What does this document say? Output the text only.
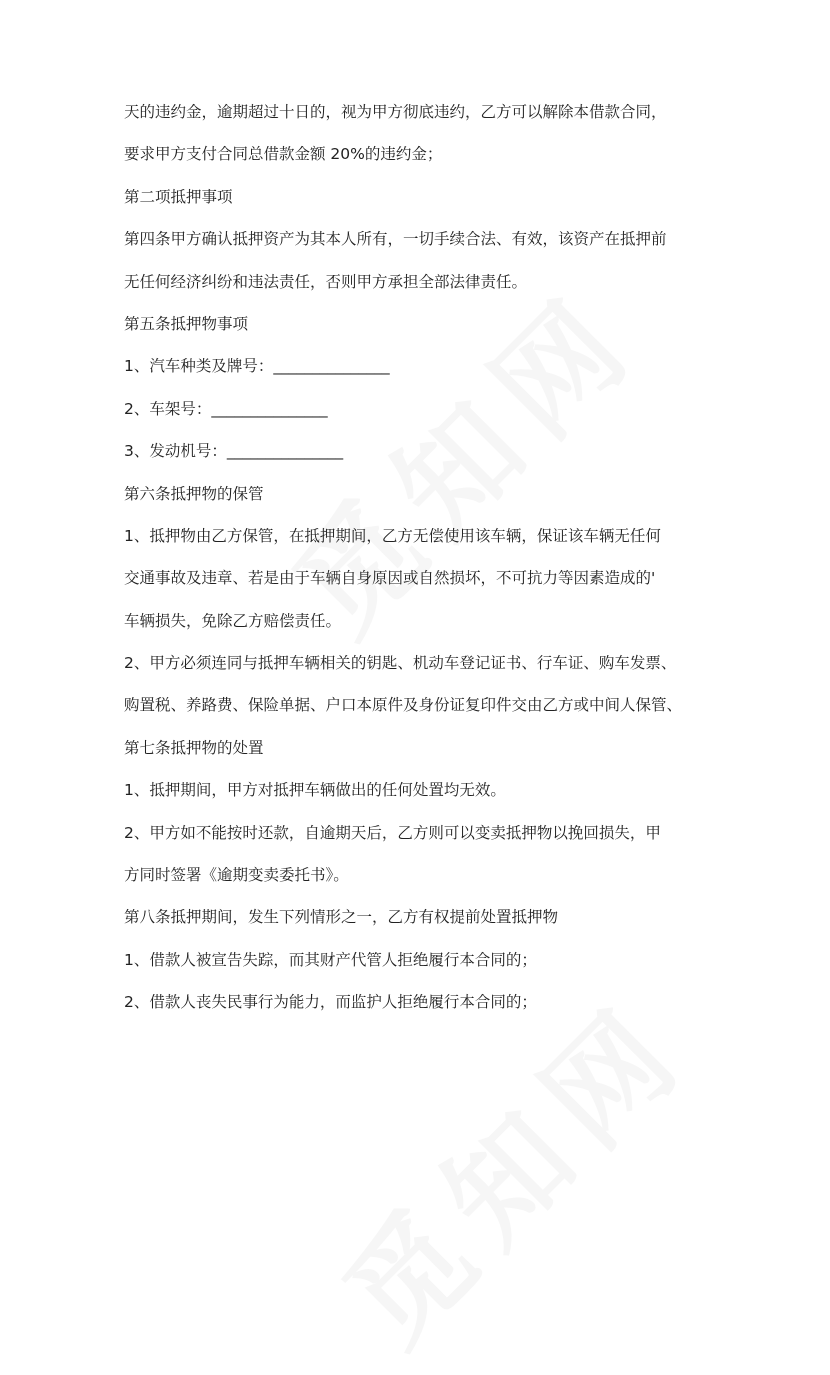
天的违约金，逾期超过十日的，视为甲方彻底违约，乙方可以解除本借款合同，
要求甲方支付合同总借款金额 20%的违约金；
第二项抵押事项
第四条甲方确认抵押资产为其本人所有，一切手续合法、有效，该资产在抵押前
无任何经济纠纷和违法责任，否则甲方承担全部法律责任。
第五条抵押物事项
1、汽车种类及牌号：_______________
2、车架号：_______________
3、发动机号：_______________
第六条抵押物的保管
1、抵押物由乙方保管，在抵押期间，乙方无偿使用该车辆，保证该车辆无任何
交通事故及违章、若是由于车辆自身原因或自然损坏，不可抗力等因素造成的'
车辆损失，免除乙方赔偿责任。
2、甲方必须连同与抵押车辆相关的钥匙、机动车登记证书、行车证、购车发票、
购置税、养路费、保险单据、户口本原件及身份证复印件交由乙方或中间人保管、
第七条抵押物的处置
1、抵押期间，甲方对抵押车辆做出的任何处置均无效。
2、甲方如不能按时还款，自逾期天后，乙方则可以变卖抵押物以挽回损失，甲
方同时签署《逾期变卖委托书》。
第八条抵押期间，发生下列情形之一，乙方有权提前处置抵押物
1、借款人被宣告失踪，而其财产代管人拒绝履行本合同的；
2、借款人丧失民事行为能力，而监护人拒绝履行本合同的；
